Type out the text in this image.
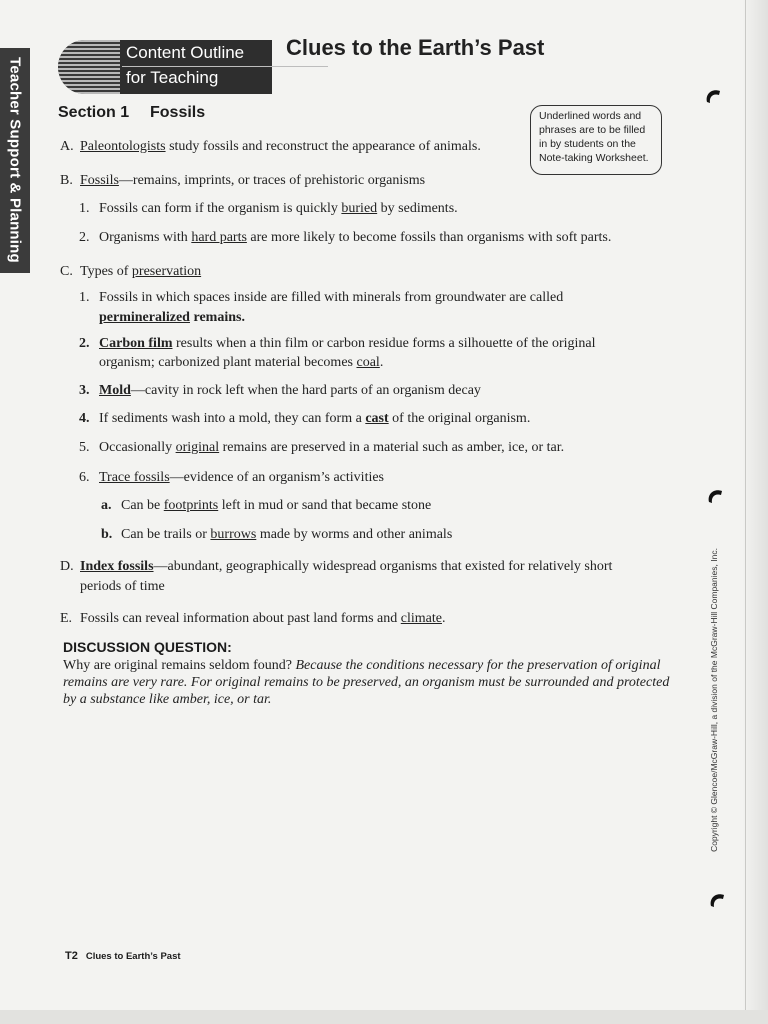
Teacher Support & Planning
Content Outline
for Teaching
Clues to the Earth’s Past
Section 1 Fossils	Underlined words and phrases are to be filled in by students on the Note-taking Worksheet.
A. Paleontologists study fossils and reconstruct the appearance of animals.
B. Fossils—remains, imprints, or traces of prehistoric organisms
1. Fossils can form if the organism is quickly buried by sediments.
2. Organisms with hard parts are more likely to become fossils than organisms with soft parts.
C. Types of preservation
1. Fossils in which spaces inside are filled with minerals from groundwater are called
permineralized remains.
2. Carbon film results when a thin film or carbon residue forms a silhouette of the original
organism; carbonized plant material becomes coal.
3. Mold—cavity in rock left when the hard parts of an organism decay
4. If sediments wash into a mold, they can form a cast of the original organism.
5. Occasionally original remains are preserved in a material such as amber, ice, or tar.
6. Trace fossils—evidence of an organism’s activities
a. Can be footprints left in mud or sand that became stone
b. Can be trails or burrows made by worms and other animals
D. Index fossils—abundant, geographically widespread organisms that existed for relatively short
periods of time
E. Fossils can reveal information about past land forms and climate.
DISCUSSION QUESTION:
Why are original remains seldom found? Because the conditions necessary for the preservation of original remains are very rare. For original remains to be preserved, an organism must be surrounded and protected by a substance like amber, ice, or tar.	Copyright © Glencoe/McGraw-Hill, a division of the McGraw-Hill Companies, Inc.
T2 Clues to Earth’s Past
